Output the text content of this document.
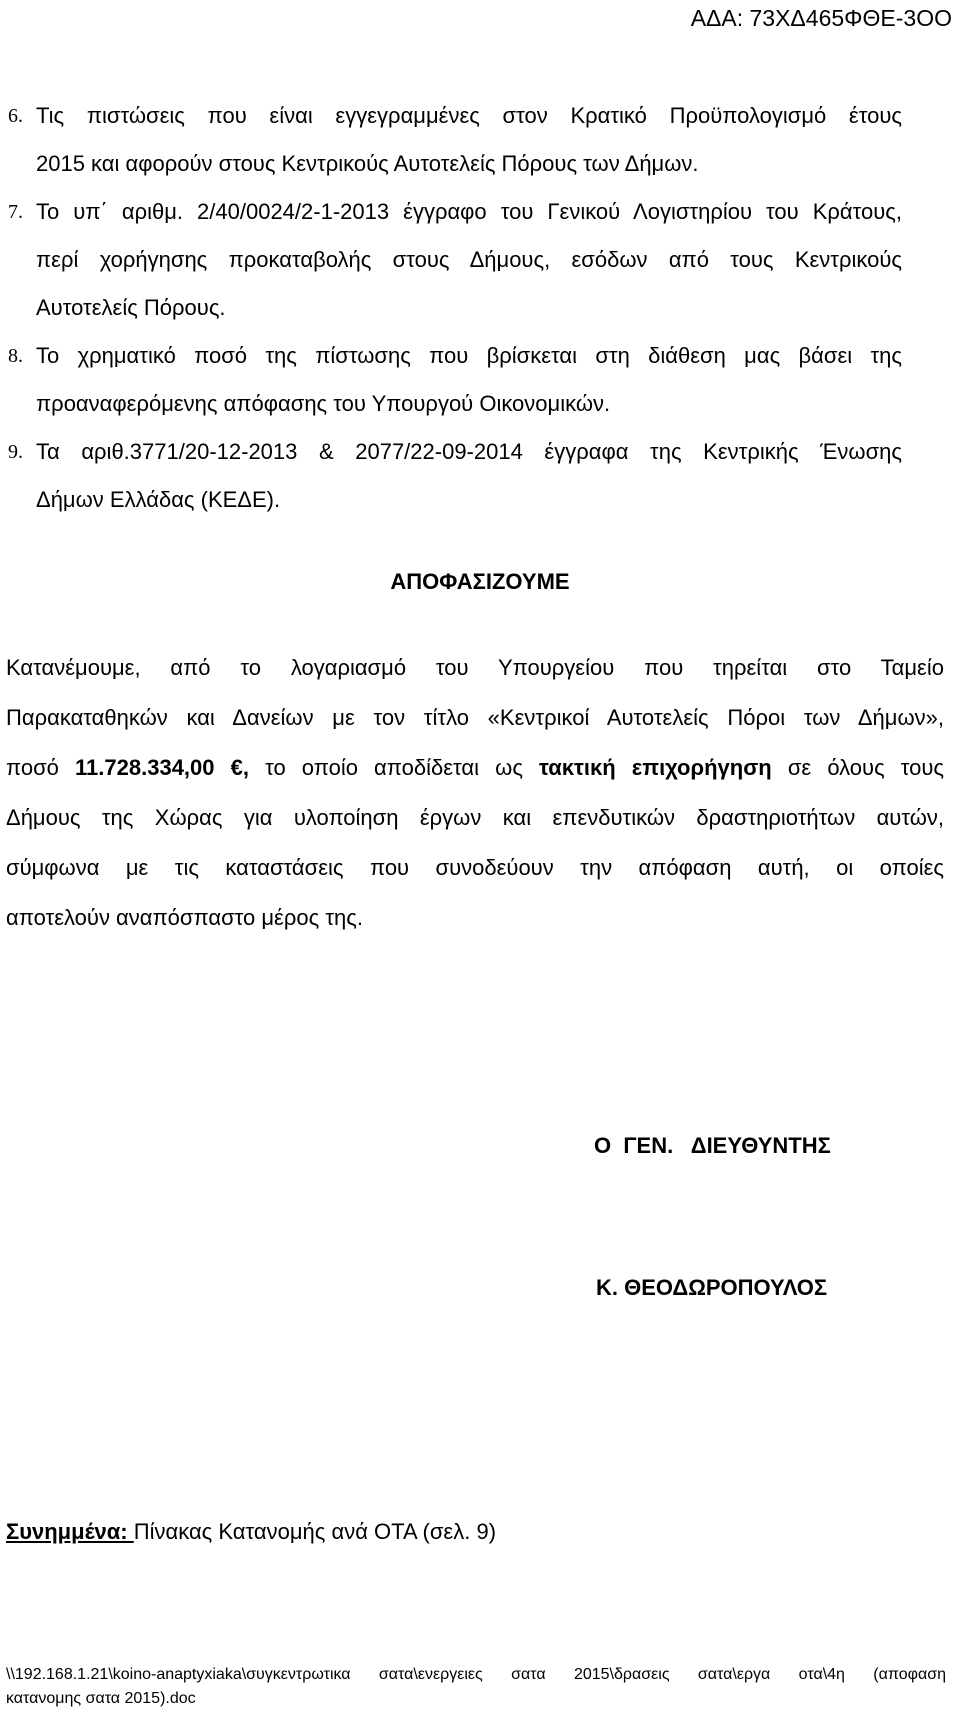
ΑΔΑ: 73ΧΔ465ΦΘΕ-3ΟΟ
6. Τις πιστώσεις που είναι εγγεγραμμένες στον Κρατικό Προϋπολογισμό έτους
2015 και αφορούν στους Κεντρικούς Αυτοτελείς Πόρους των Δήμων.
7. Το υπ΄ αριθμ. 2/40/0024/2-1-2013 έγγραφο του Γενικού Λογιστηρίου του Κράτους,
περί χορήγησης προκαταβολής στους Δήμους, εσόδων από τους Κεντρικούς
Αυτοτελείς Πόρους.
8. Το χρηματικό ποσό της πίστωσης που βρίσκεται στη διάθεση μας βάσει της
προαναφερόμενης απόφασης του Υπουργού Οικονομικών.
9. Τα αριθ.3771/20-12-2013 & 2077/22-09-2014 έγγραφα της Κεντρικής Ένωσης
Δήμων Ελλάδας (ΚΕΔΕ).
ΑΠΟΦΑΣΙΖΟΥΜΕ
Κατανέμουμε, από το λογαριασμό του Υπουργείου που τηρείται στο Ταμείο
Παρακαταθηκών και Δανείων με τον τίτλο «Κεντρικοί Αυτοτελείς Πόροι των Δήμων»,
ποσό 11.728.334,00 €, το οποίο αποδίδεται ως τακτική επιχορήγηση σε όλους τους
Δήμους της Χώρας για υλοποίηση έργων και επενδυτικών δραστηριοτήτων αυτών,
σύμφωνα με τις καταστάσεις που συνοδεύουν την απόφαση αυτή, οι οποίες
αποτελούν αναπόσπαστο μέρος της.
Ο  ΓΕΝ.   ΔΙΕΥΘΥΝΤΗΣ
Κ. ΘΕΟΔΩΡΟΠΟΥΛΟΣ
Συνημμένα: Πίνακας Κατανομής ανά ΟΤΑ (σελ. 9)
\\192.168.1.21\koino-anaptyxiaka\συγκεντρωτικα σατα\ενεργειες σατα 2015\δρασεις σατα\εργα οτα\4η (αποφαση
κατανομης σατα 2015).doc
